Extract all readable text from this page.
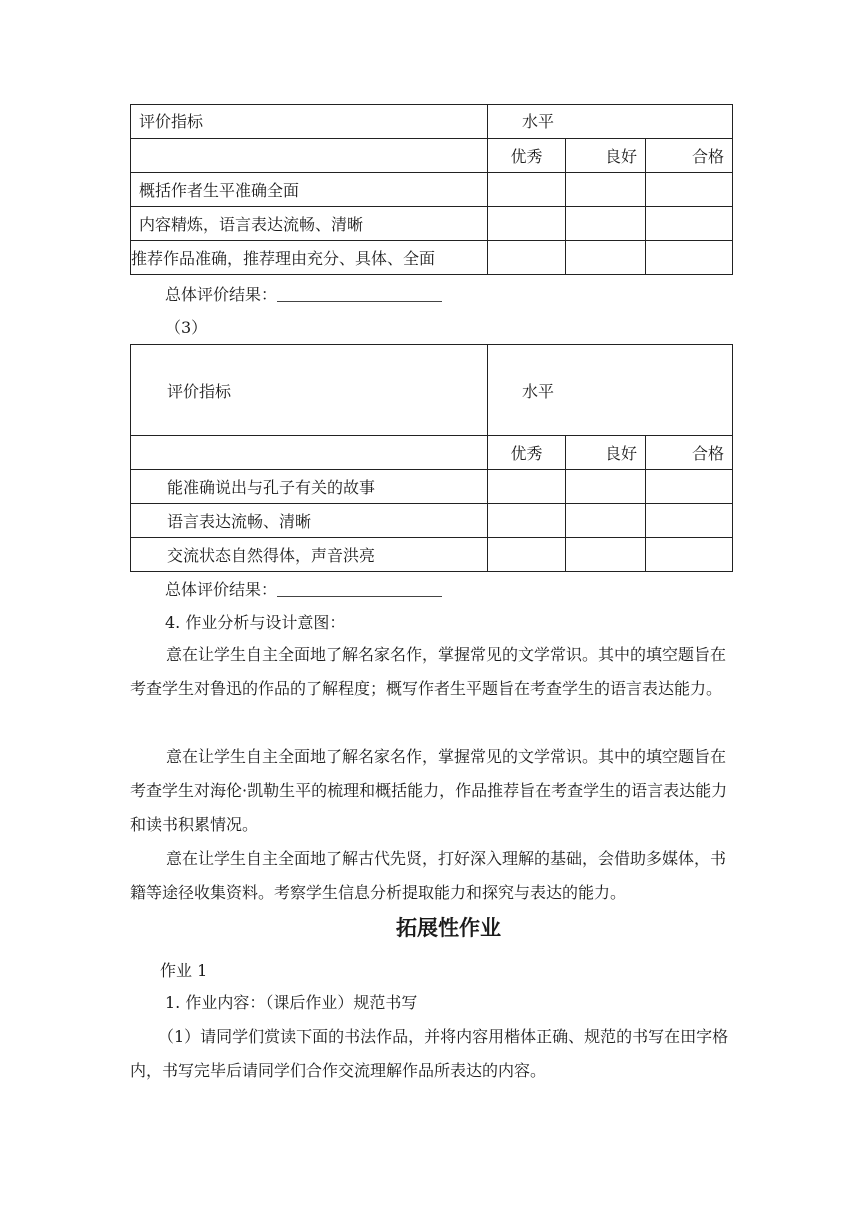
评价指标	水平		
	优秀	良好	合格
概括作者生平准确全面			
内容精炼，语言表达流畅、清晰			
推荐作品准确，推荐理由充分、具体、全面			
总体评价结果：
（3）
评价指标	水平		
	优秀	良好	合格
能准确说出与孔子有关的故事			
语言表达流畅、清晰			
交流状态自然得体，声音洪亮			
总体评价结果：
4. 作业分析与设计意图：
意在让学生自主全面地了解名家名作，掌握常见的文学常识。其中的填空题旨在考查学生对鲁迅的作品的了解程度；概写作者生平题旨在考查学生的语言表达能力。
意在让学生自主全面地了解名家名作，掌握常见的文学常识。其中的填空题旨在考查学生对海伦·凯勒生平的梳理和概括能力，作品推荐旨在考查学生的语言表达能力和读书积累情况。
意在让学生自主全面地了解古代先贤，打好深入理解的基础，会借助多媒体，书籍等途径收集资料。考察学生信息分析提取能力和探究与表达的能力。
拓展性作业
作业 1
1. 作业内容：（课后作业）规范书写
（1）请同学们赏读下面的书法作品，并将内容用楷体正确、规范的书写在田字格内，书写完毕后请同学们合作交流理解作品所表达的内容。
